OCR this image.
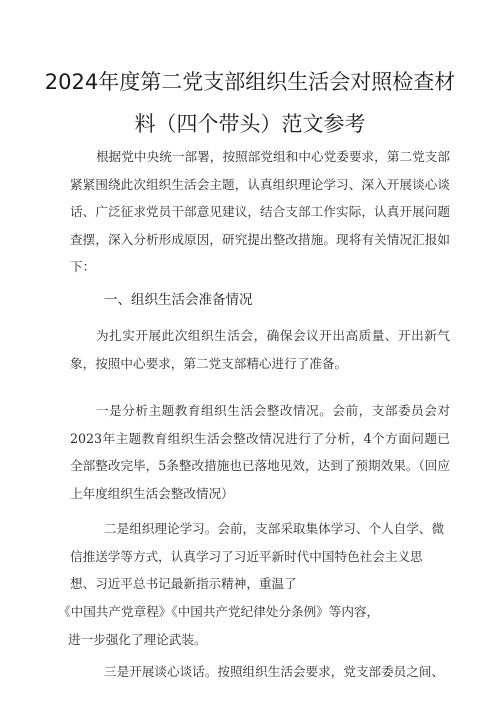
2024年度第二党支部组织生活会对照检查材
料（四个带头）范文参考

根据党中央统一部署，按照部党组和中心党委要求，第二党支部紧紧围绕此次组织生活会主题，认真组织理论学习、深入开展谈心谈话、广泛征求党员干部意见建议，结合支部工作实际，认真开展问题查摆，深入分析形成原因，研究提出整改措施。现将有关情况汇报如下：

一、组织生活会准备情况

为扎实开展此次组织生活会，确保会议开出高质量、开出新气象，按照中心要求，第二党支部精心进行了准备。

一是分析主题教育组织生活会整改情况。会前，支部委员会对2023年主题教育组织生活会整改情况进行了分析，4个方面问题已全部整改完毕，5条整改措施也已落地见效，达到了预期效果。（回应上年度组织生活会整改情况）

二是组织理论学习。会前，支部采取集体学习、个人自学、微
信推送学等方式，认真学习了习近平新时代中国特色社会主义思
想、习近平总书记最新指示精神，重温了
《中国共产党章程》《中国共产党纪律处分条例》等内容，
进一步强化了理论武装。
三是开展谈心谈话。按照组织生活会要求，党支部委员之间、
